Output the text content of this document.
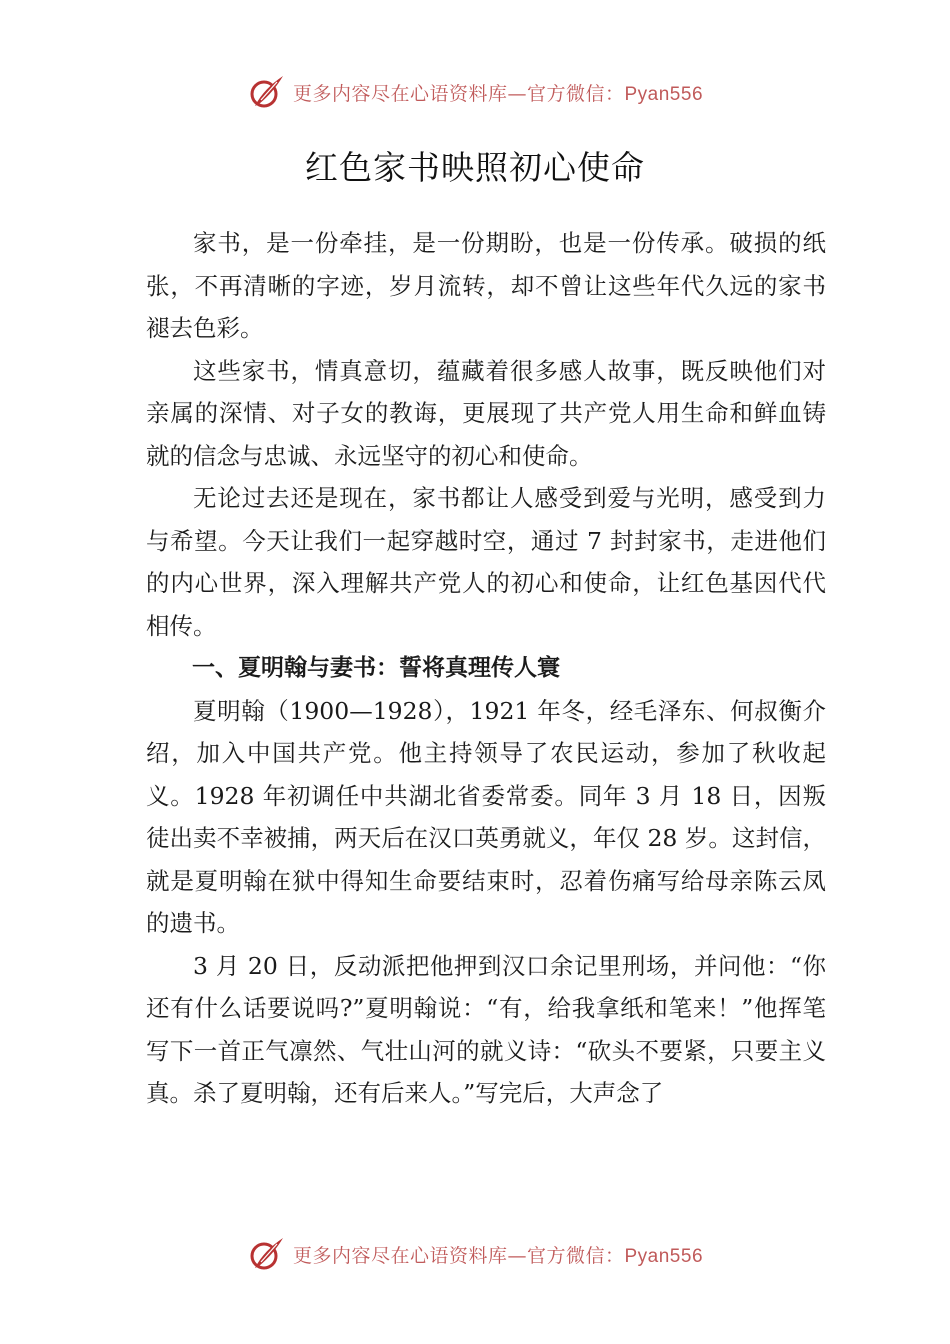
更多内容尽在心语资料库—官方微信：Pyan556
红色家书映照初心使命

家书，是一份牵挂，是一份期盼，也是一份传承。破损的纸张，不再清晰的字迹，岁月流转，却不曾让这些年代久远的家书褪去色彩。

这些家书，情真意切，蕴藏着很多感人故事，既反映他们对亲属的深情、对子女的教诲，更展现了共产党人用生命和鲜血铸就的信念与忠诚、永远坚守的初心和使命。

无论过去还是现在，家书都让人感受到爱与光明，感受到力与希望。今天让我们一起穿越时空，通过 7 封封家书，走进他们的内心世界，深入理解共产党人的初心和使命，让红色基因代代相传。

一、夏明翰与妻书：誓将真理传人寰

夏明翰（1900—1928），1921 年冬，经毛泽东、何叔衡介绍，加入中国共产党。他主持领导了农民运动，参加了秋收起义。1928 年初调任中共湖北省委常委。同年 3 月 18 日，因叛徒出卖不幸被捕，两天后在汉口英勇就义，年仅 28 岁。这封信，就是夏明翰在狱中得知生命要结束时，忍着伤痛写给母亲陈云凤的遗书。

3 月 20 日，反动派把他押到汉口余记里刑场，并问他：“你还有什么话要说吗?”夏明翰说：“有，给我拿纸和笔来！”他挥笔写下一首正气凛然、气壮山河的就义诗：“砍头不要紧，只要主义真。杀了夏明翰，还有后来人。”写完后，大声念了

更多内容尽在心语资料库—官方微信：Pyan556
